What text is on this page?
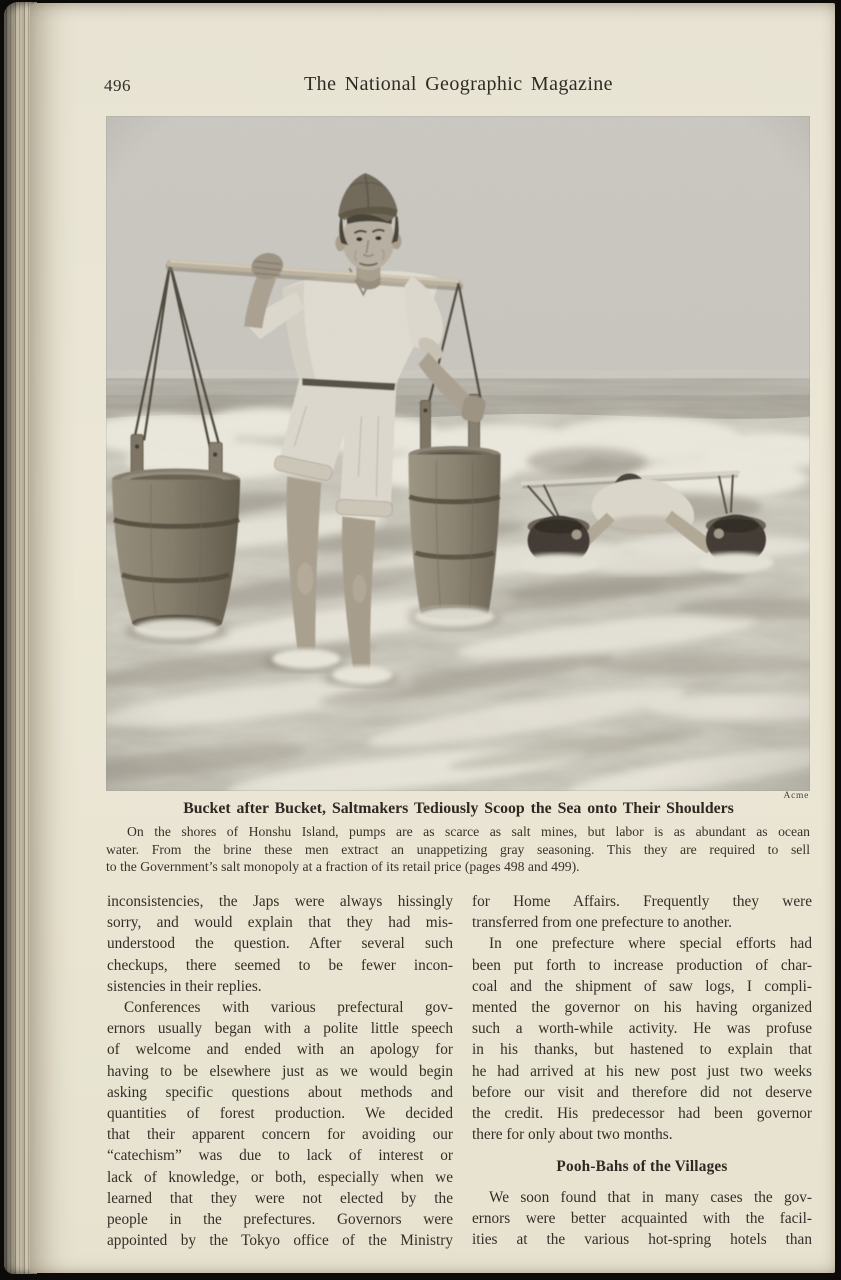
496	The National Geographic Magazine
Acme
Bucket after Bucket, Saltmakers Tediously Scoop the Sea onto Their Shoulders
On the shores of Honshu Island, pumps are as scarce as salt mines, but labor is as abundant as ocean
water. From the brine these men extract an unappetizing gray seasoning. This they are required to sell
to the Government’s salt monopoly at a fraction of its retail price (pages 498 and 499).
inconsistencies, the Japs were always hissingly
sorry, and would explain that they had mis-
understood the question. After several such
checkups, there seemed to be fewer incon-
sistencies in their replies.
Conferences with various prefectural gov-
ernors usually began with a polite little speech
of welcome and ended with an apology for
having to be elsewhere just as we would begin
asking specific questions about methods and
quantities of forest production. We decided
that their apparent concern for avoiding our
“catechism” was due to lack of interest or
lack of knowledge, or both, especially when we
learned that they were not elected by the
people in the prefectures. Governors were
appointed by the Tokyo office of the Ministry
for Home Affairs. Frequently they were
transferred from one prefecture to another.
In one prefecture where special efforts had
been put forth to increase production of char-
coal and the shipment of saw logs, I compli-
mented the governor on his having organized
such a worth-while activity. He was profuse
in his thanks, but hastened to explain that
he had arrived at his new post just two weeks
before our visit and therefore did not deserve
the credit. His predecessor had been governor
there for only about two months.
Pooh-Bahs of the Villages
We soon found that in many cases the gov-
ernors were better acquainted with the facil-
ities at the various hot-spring hotels than
